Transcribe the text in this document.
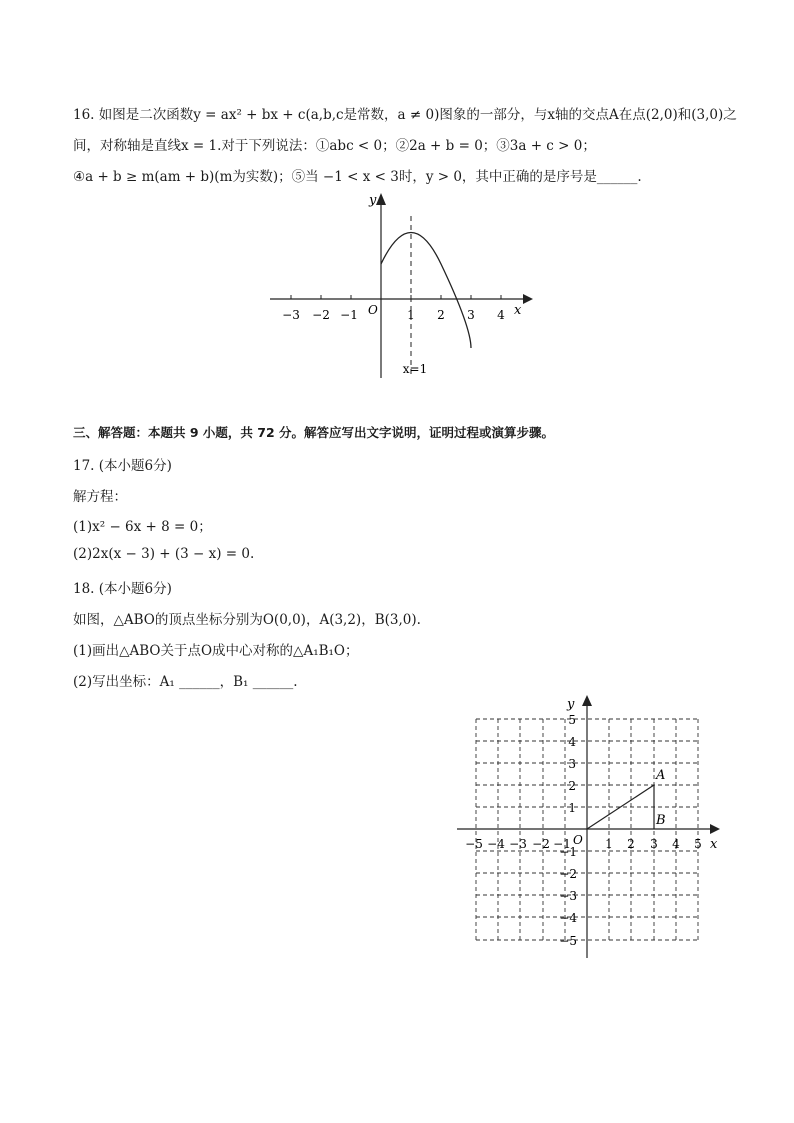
16. 如图是二次函数y = ax² + bx + c(a,b,c是常数，a ≠ 0)图象的一部分，与x轴的交点A在点(2,0)和(3,0)之
间，对称轴是直线x = 1.对于下列说法：①abc < 0；②2a + b = 0；③3a + c > 0；
④a + b ≥ m(am + b)(m为实数)；⑤当 −1 < x < 3时，y > 0，其中正确的是序号是______.
y
x
O
−3 −2 −1	1 2 3 4
x=1
三、解答题：本题共 9 小题，共 72 分。解答应写出文字说明，证明过程或演算步骤。
17. (本小题6分)
解方程：
(1)x² − 6x + 8 = 0；
(2)2x(x − 3) + (3 − x) = 0.
18. (本小题6分)
如图，△ABO的顶点坐标分别为O(0,0)，A(3,2)，B(3,0).
(1)画出△ABO关于点O成中心对称的△A₁B₁O；
(2)写出坐标：A₁ ______，B₁ ______.
y
x
O
A
B
−5 −4 −3 −2 −1	1 2 3 4 5
5
4
3
2
1
−1
−2
−3
−4
−5
